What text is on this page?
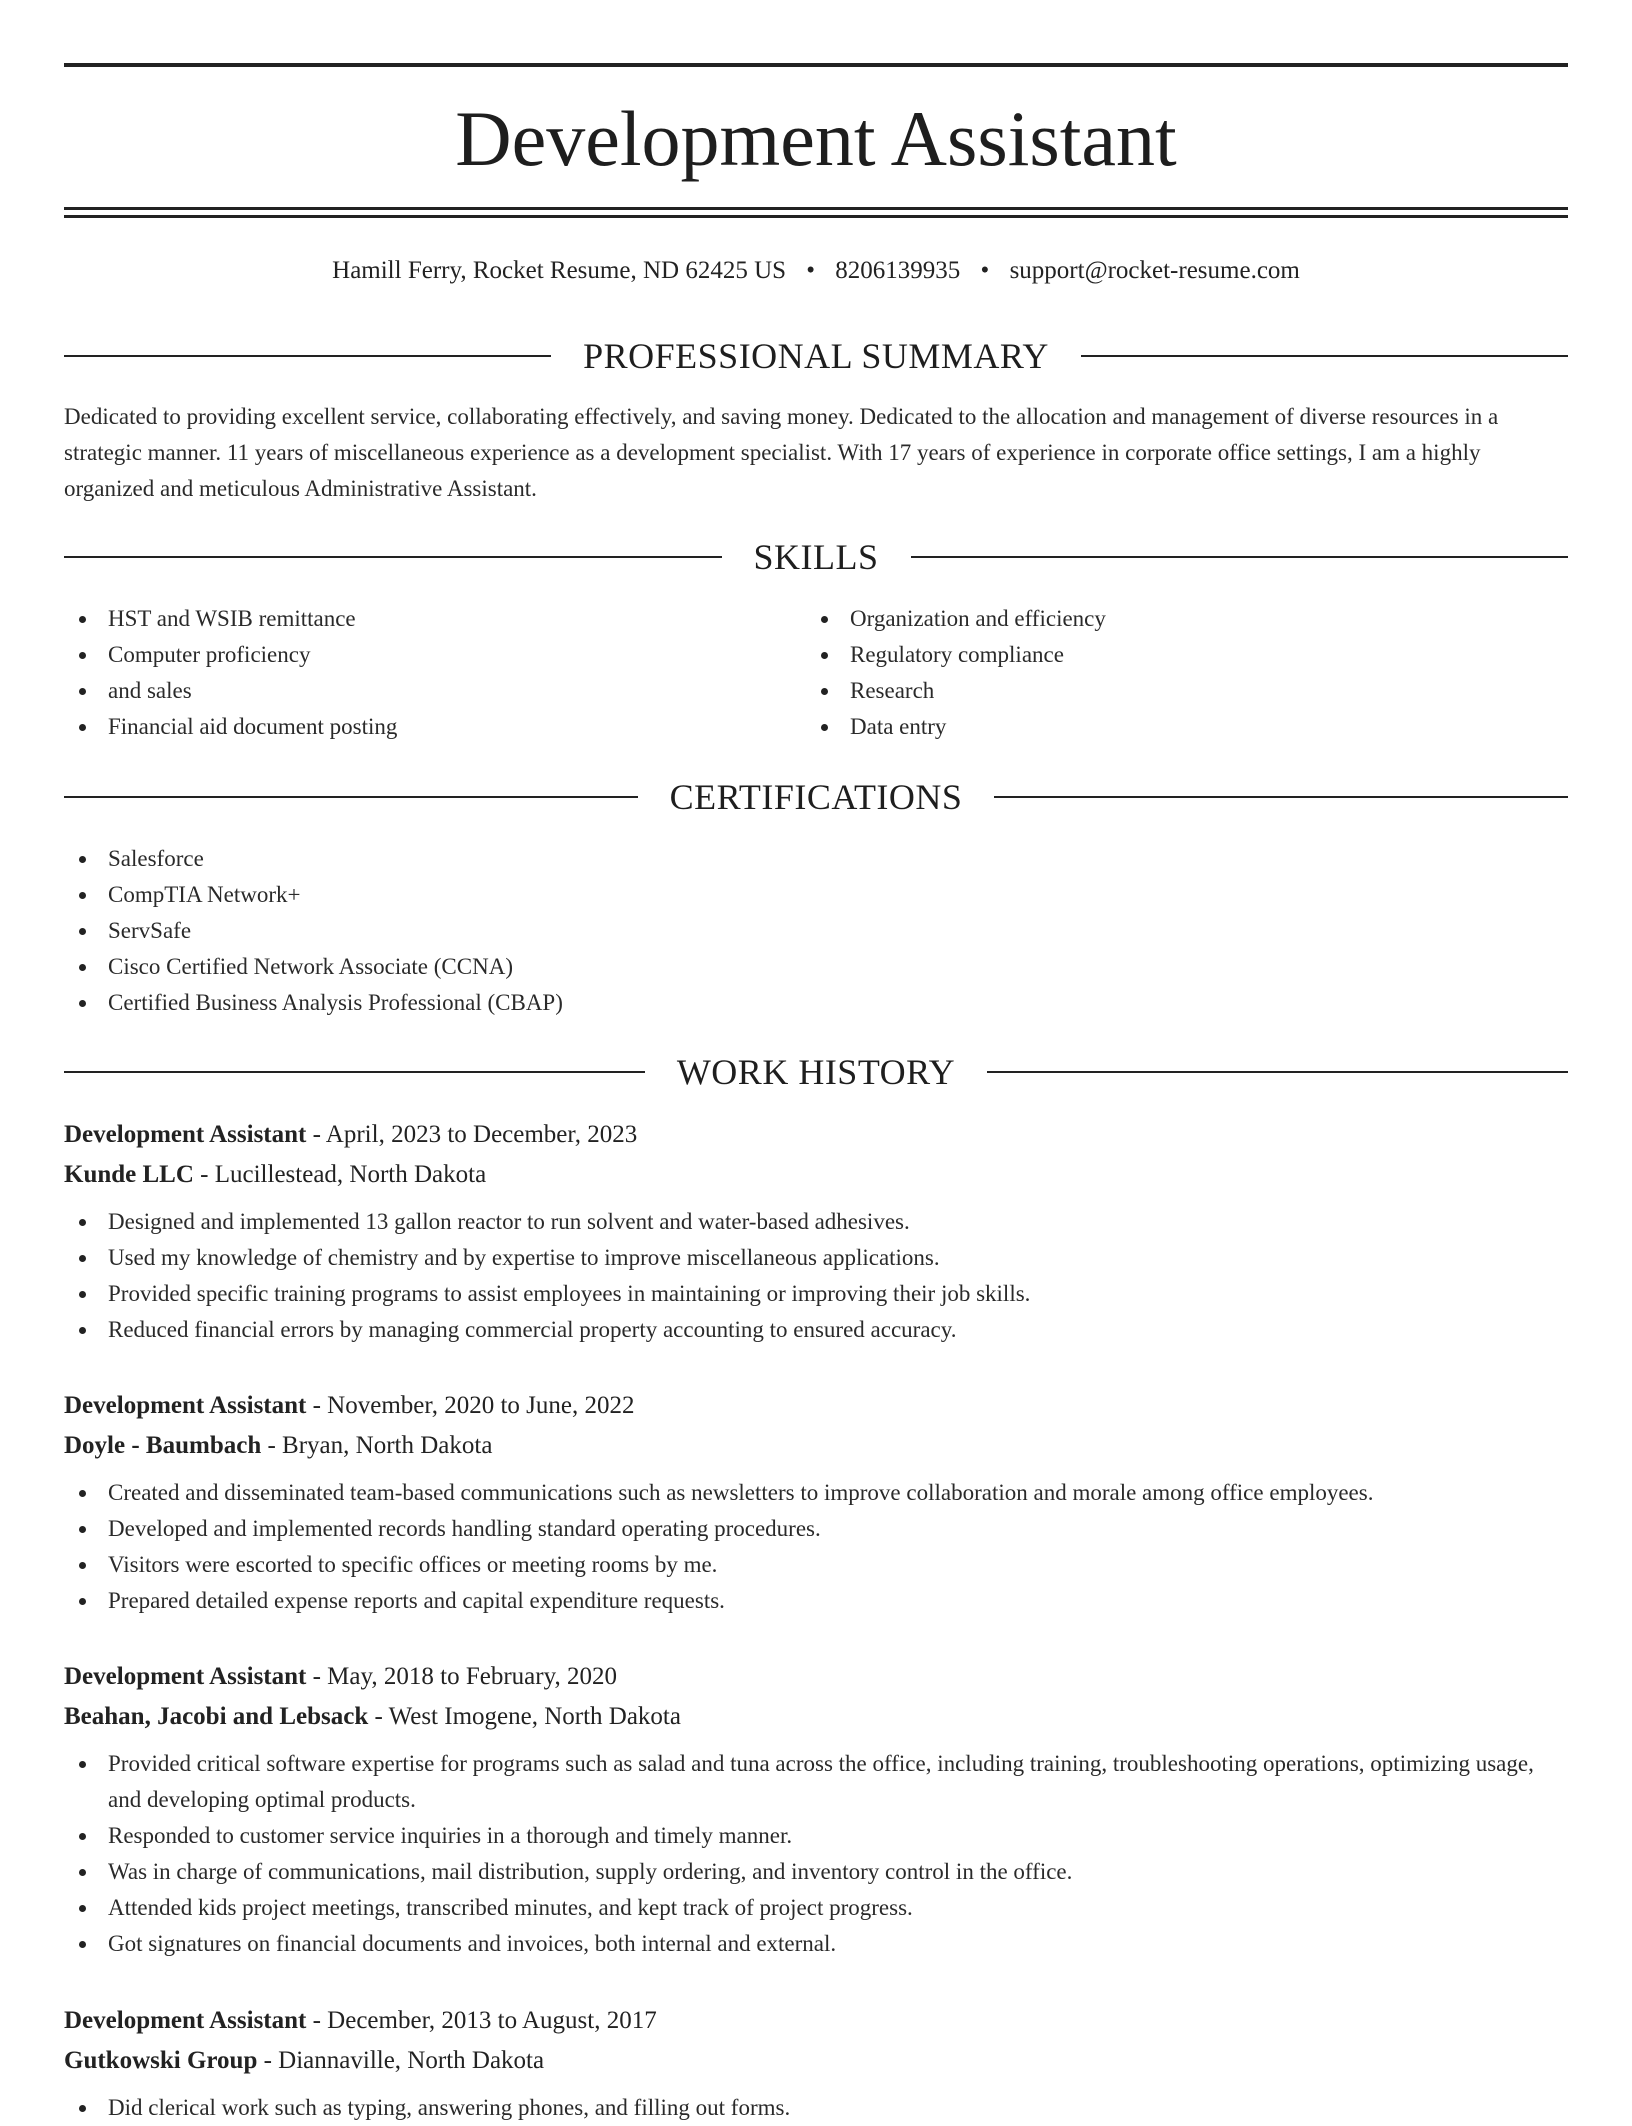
Development Assistant
Hamill Ferry, Rocket Resume, ND 62425 US • 8206139935 • support@rocket-resume.com
PROFESSIONAL SUMMARY

Dedicated to providing excellent service, collaborating effectively, and saving money. Dedicated to the allocation and management of diverse resources in a strategic manner. 11 years of miscellaneous experience as a development specialist. With 17 years of experience in corporate office settings, I am a highly organized and meticulous Administrative Assistant.

SKILLS
HST and WSIB remittance
Computer proficiency
and sales
Financial aid document posting
Organization and efficiency
Regulatory compliance
Research
Data entry
CERTIFICATIONS
Salesforce
CompTIA Network+
ServSafe
Cisco Certified Network Associate (CCNA)
Certified Business Analysis Professional (CBAP)
WORK HISTORY
Development Assistant - April, 2023 to December, 2023
Kunde LLC - Lucillestead, North Dakota
Designed and implemented 13 gallon reactor to run solvent and water-based adhesives.
Used my knowledge of chemistry and by expertise to improve miscellaneous applications.
Provided specific training programs to assist employees in maintaining or improving their job skills.
Reduced financial errors by managing commercial property accounting to ensured accuracy.
Development Assistant - November, 2020 to June, 2022
Doyle - Baumbach - Bryan, North Dakota
Created and disseminated team-based communications such as newsletters to improve collaboration and morale among office employees.
Developed and implemented records handling standard operating procedures.
Visitors were escorted to specific offices or meeting rooms by me.
Prepared detailed expense reports and capital expenditure requests.
Development Assistant - May, 2018 to February, 2020
Beahan, Jacobi and Lebsack - West Imogene, North Dakota
Provided critical software expertise for programs such as salad and tuna across the office, including training, troubleshooting operations, optimizing usage, and developing optimal products.
Responded to customer service inquiries in a thorough and timely manner.
Was in charge of communications, mail distribution, supply ordering, and inventory control in the office.
Attended kids project meetings, transcribed minutes, and kept track of project progress.
Got signatures on financial documents and invoices, both internal and external.
Development Assistant - December, 2013 to August, 2017
Gutkowski Group - Diannaville, North Dakota
Did clerical work such as typing, answering phones, and filling out forms.
